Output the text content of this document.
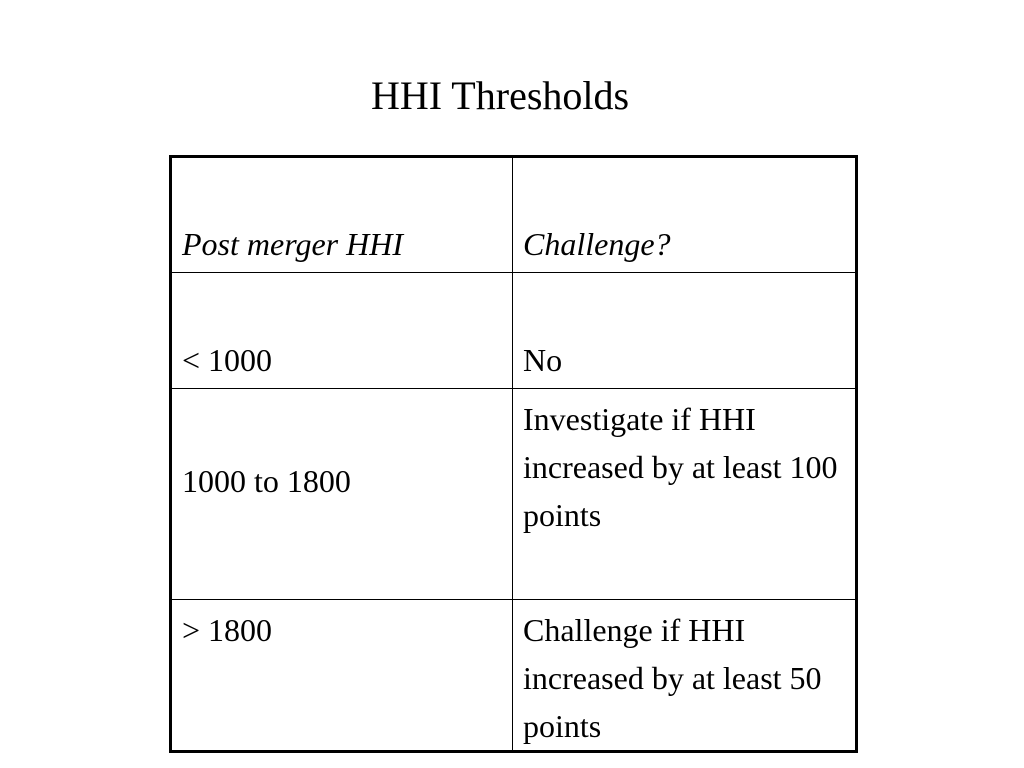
HHI Thresholds
Post merger HHI	Challenge?

< 1000	No

1000 to 1800	Investigate if HHI increased by at least 100 points

> 1800	Challenge if HHI increased by at least 50 points
